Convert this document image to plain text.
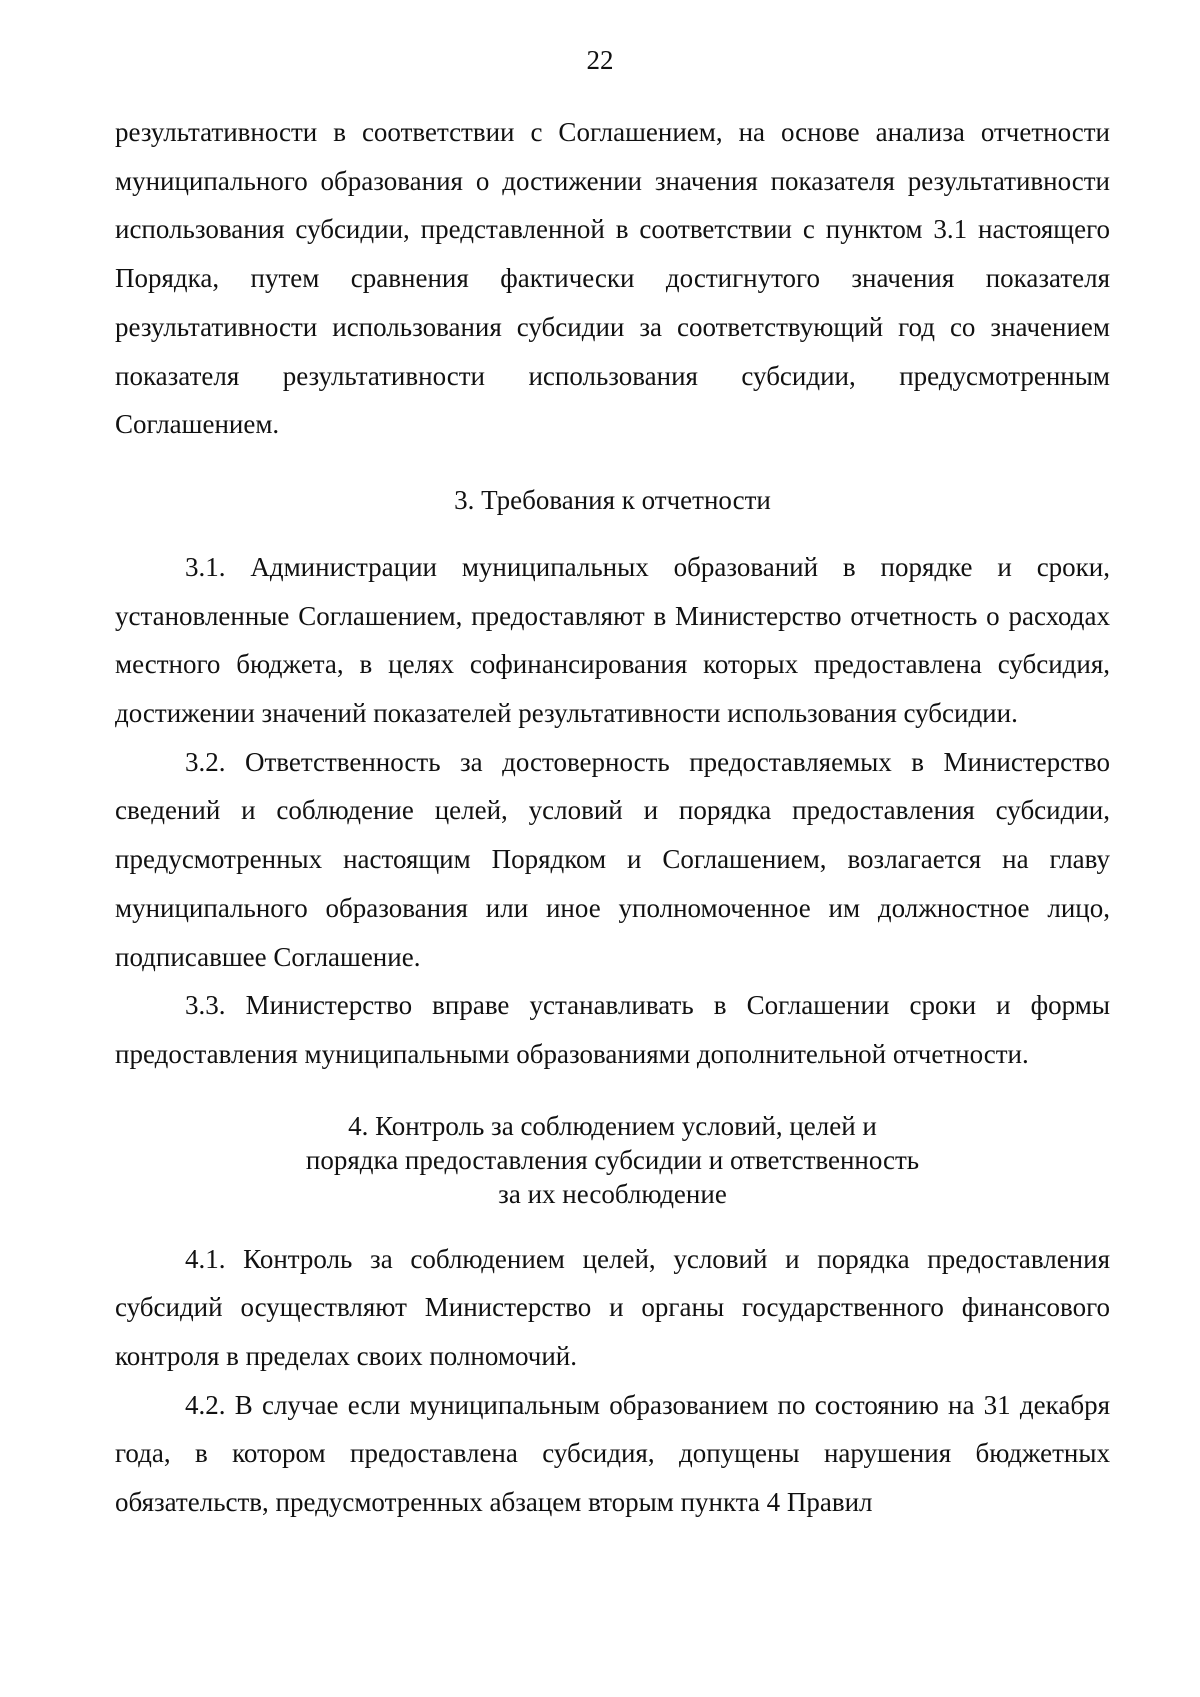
22

результативности в соответствии с Соглашением, на основе анализа отчетности муниципального образования о достижении значения показателя результативности использования субсидии, представленной в соответствии с пунктом 3.1 настоящего Порядка, путем сравнения фактически достигнутого значения показателя результативности использования субсидии за соответствующий год со значением показателя результативности использования субсидии, предусмотренным Соглашением.

3. Требования к отчетности

3.1. Администрации муниципальных образований в порядке и сроки, установленные Соглашением, предоставляют в Министерство отчетность о расходах местного бюджета, в целях софинансирования которых предоставлена субсидия, достижении значений показателей результативности использования субсидии.

3.2. Ответственность за достоверность предоставляемых в Министерство сведений и соблюдение целей, условий и порядка предоставления субсидии, предусмотренных настоящим Порядком и Соглашением, возлагается на главу муниципального образования или иное уполномоченное им должностное лицо, подписавшее Соглашение.

3.3. Министерство вправе устанавливать в Соглашении сроки и формы предоставления муниципальными образованиями дополнительной отчетности.

4. Контроль за соблюдением условий, целей и
порядка предоставления субсидии и ответственность
за их несоблюдение

4.1. Контроль за соблюдением целей, условий и порядка предоставления субсидий осуществляют Министерство и органы государственного финансового контроля в пределах своих полномочий.

4.2. В случае если муниципальным образованием по состоянию на 31 декабря года, в котором предоставлена субсидия, допущены нарушения бюджетных обязательств, предусмотренных абзацем вторым пункта 4 Правил
